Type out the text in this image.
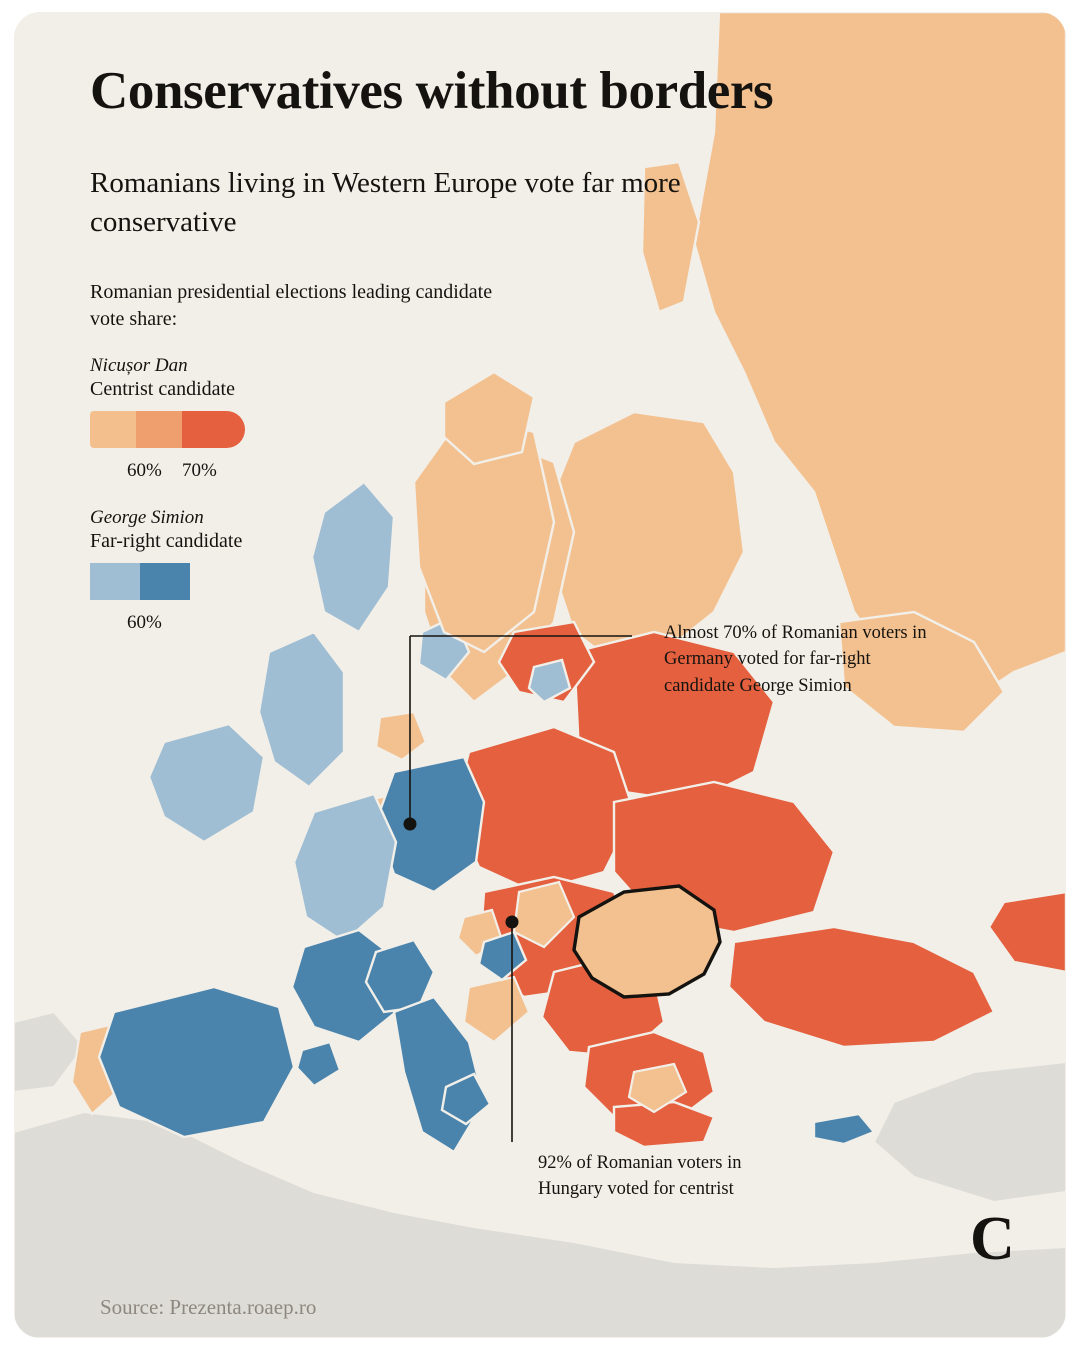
Conservatives without borders
Romanians living in Western Europe vote far more conservative
Romanian presidential elections leading candidate vote share:
Nicușor Dan
Centrist candidate
60% 70%
George Simion
Far-right candidate
60%	Almost 70% of Romanian voters in Germany voted for far-right candidate George Simion
92% of Romanian voters in Hungary voted for centrist
Source: Prezenta.roaep.ro
C
